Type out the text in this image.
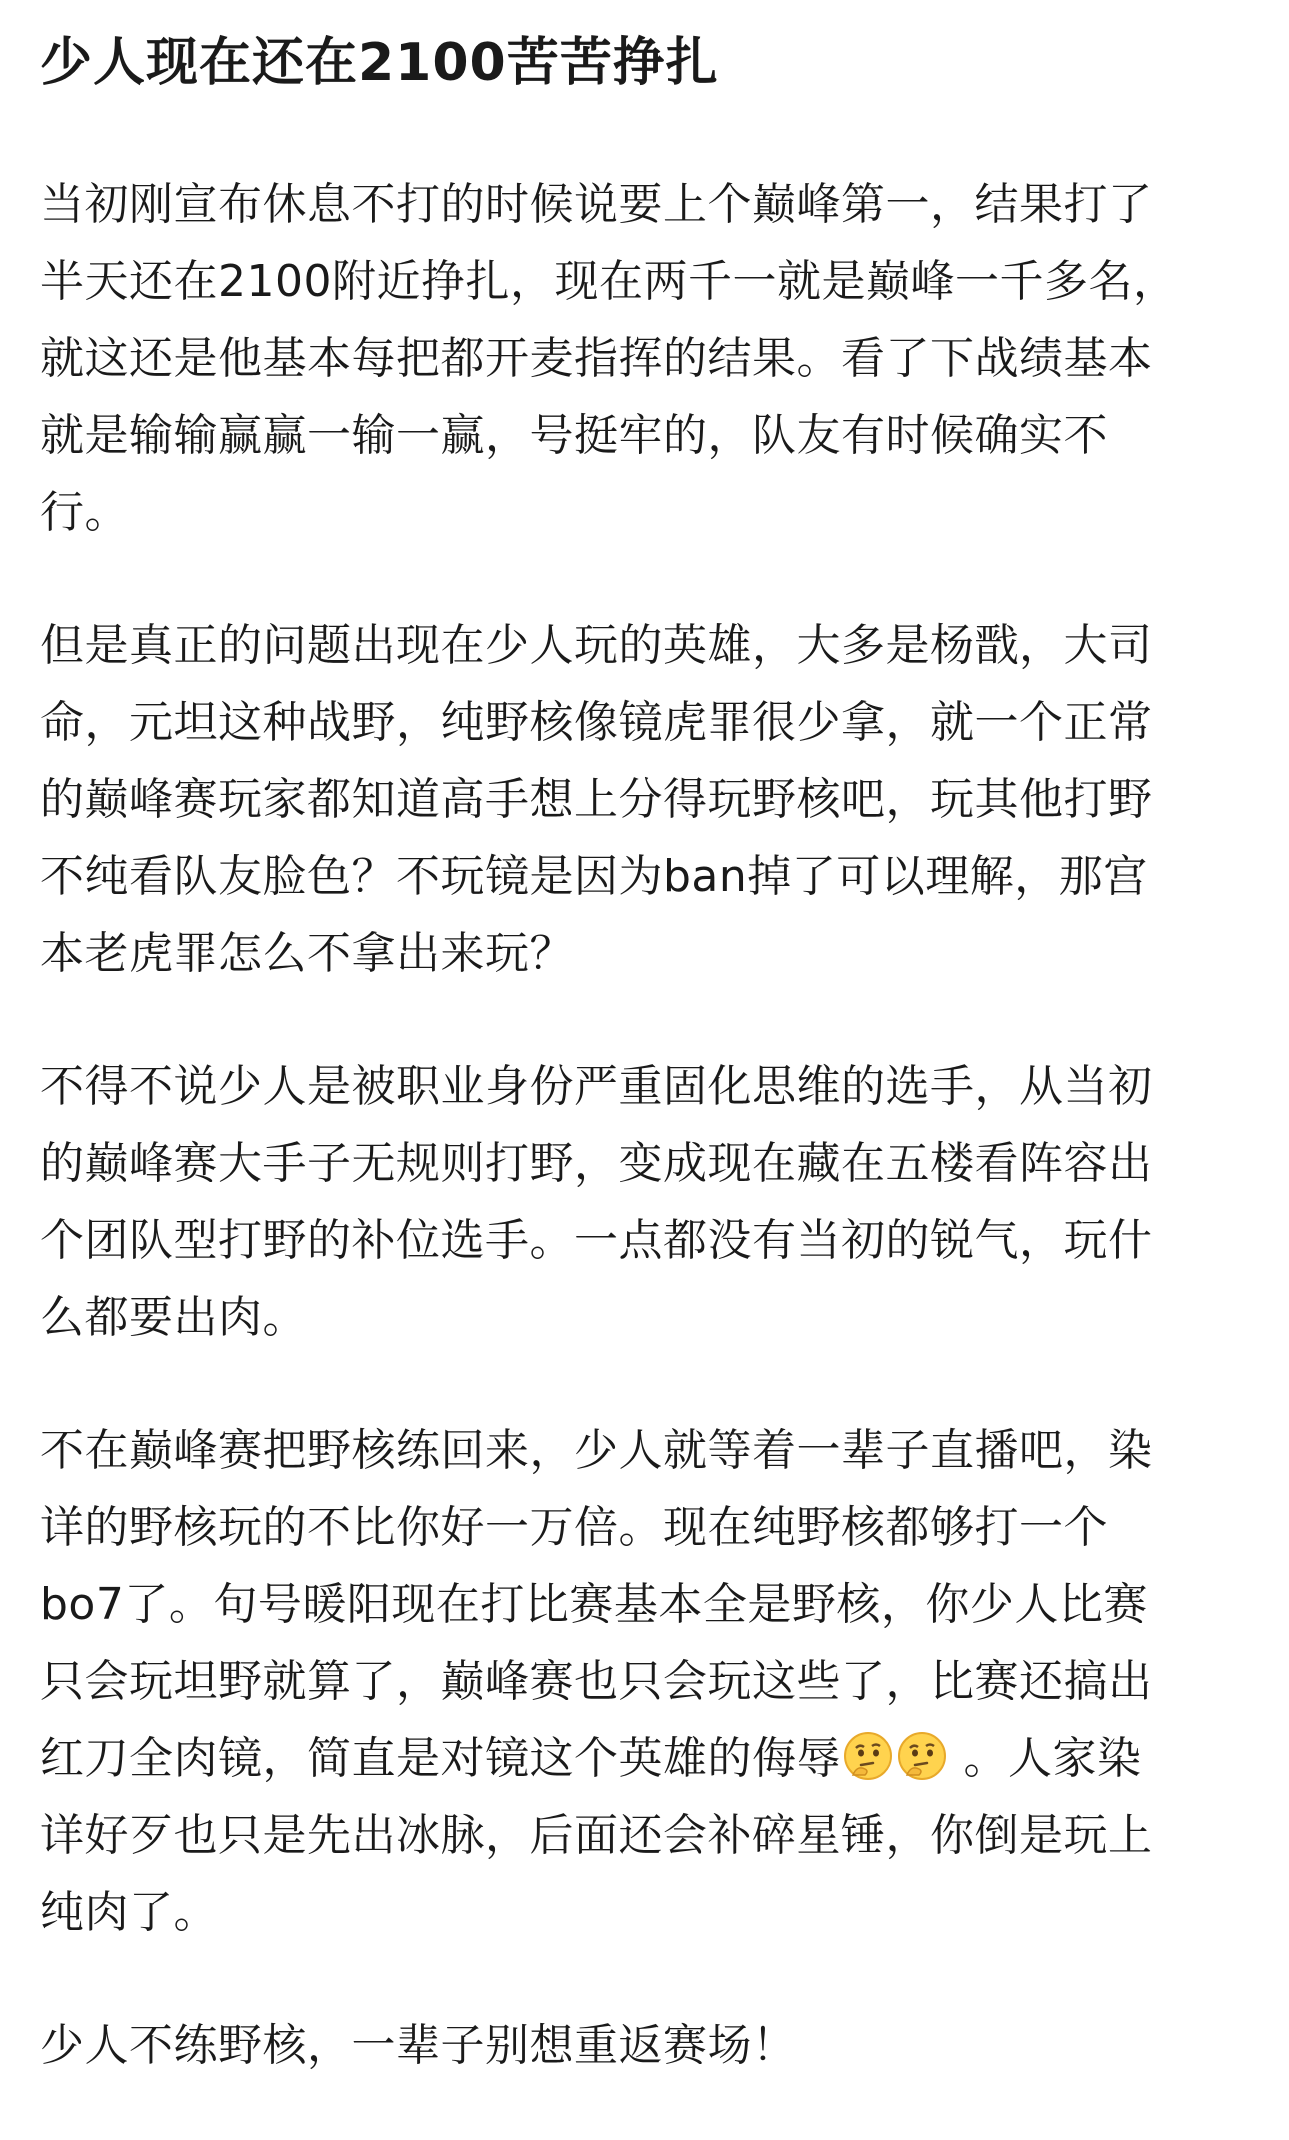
少人现在还在2100苦苦挣扎

当初刚宣布休息不打的时候说要上个巅峰第一，结果打了
半天还在2100附近挣扎，现在两千一就是巅峰一千多名，
就这还是他基本每把都开麦指挥的结果。看了下战绩基本
就是输输赢赢一输一赢，号挺牢的，队友有时候确实不
行。

但是真正的问题出现在少人玩的英雄，大多是杨戬，大司
命，元坦这种战野，纯野核像镜虎罪很少拿，就一个正常
的巅峰赛玩家都知道高手想上分得玩野核吧，玩其他打野
不纯看队友脸色？不玩镜是因为ban掉了可以理解，那宫
本老虎罪怎么不拿出来玩？

不得不说少人是被职业身份严重固化思维的选手，从当初
的巅峰赛大手子无规则打野，变成现在藏在五楼看阵容出
个团队型打野的补位选手。一点都没有当初的锐气，玩什
么都要出肉。

不在巅峰赛把野核练回来，少人就等着一辈子直播吧，染
详的野核玩的不比你好一万倍。现在纯野核都够打一个
bo7了。句号暖阳现在打比赛基本全是野核，你少人比赛
只会玩坦野就算了，巅峰赛也只会玩这些了，比赛还搞出
红刀全肉镜，简直是对镜这个英雄的侮辱 。人家染
详好歹也只是先出冰脉，后面还会补碎星锤，你倒是玩上
纯肉了。

少人不练野核，一辈子别想重返赛场！
